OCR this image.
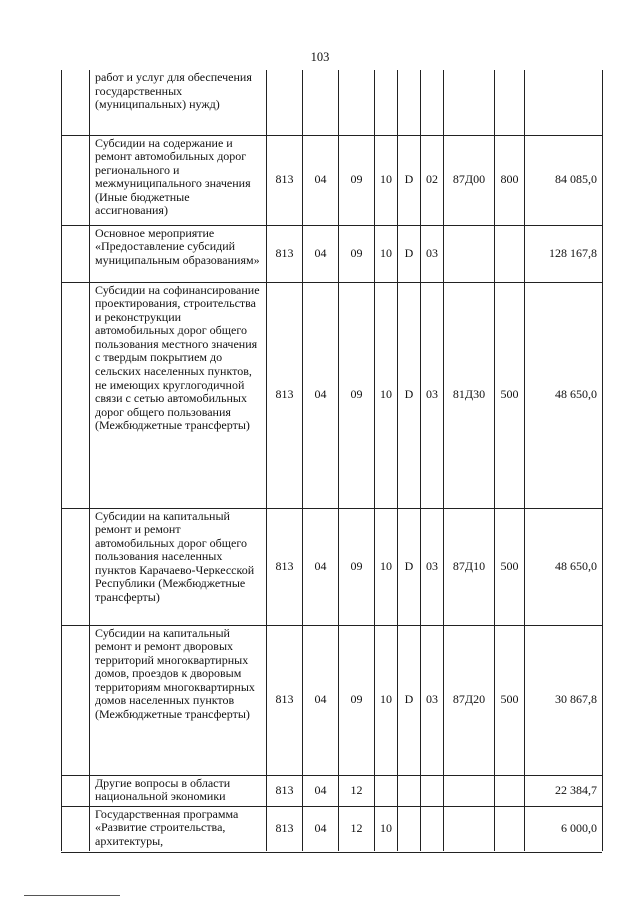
103
	работ и услуг для обеспечения государственных (муниципальных) нужд)									
	Субсидии на содержание и ремонт автомобильных дорог регионального и межмуниципального значения (Иные бюджетные ассигнования)	813	04	09	10	D	02	87Д00	800	84 085,0
	Основное мероприятие «Предоставление субсидий муниципальным образованиям»	813	04	09	10	D	03			128 167,8
	Субсидии на софинансирование проектирования, строительства и реконструкции автомобильных дорог общего пользования местного значения с твердым покрытием до сельских населенных пунктов, не имеющих круглогодичной связи с сетью автомобильных дорог общего пользования (Межбюджетные трансферты)	813	04	09	10	D	03	81Д30	500	48 650,0
	Субсидии на капитальный ремонт и ремонт автомобильных дорог общего пользования населенных пунктов Карачаево-Черкесской Республики (Межбюджетные трансферты)	813	04	09	10	D	03	87Д10	500	48 650,0
	Субсидии на капитальный ремонт и ремонт дворовых территорий многоквартирных домов, проездов к дворовым территориям многоквартирных домов населенных пунктов (Межбюджетные трансферты)	813	04	09	10	D	03	87Д20	500	30 867,8
	Другие вопросы в области национальной экономики	813	04	12						22 384,7
	Государственная программа «Развитие строительства, архитектуры,	813	04	12	10					6 000,0
